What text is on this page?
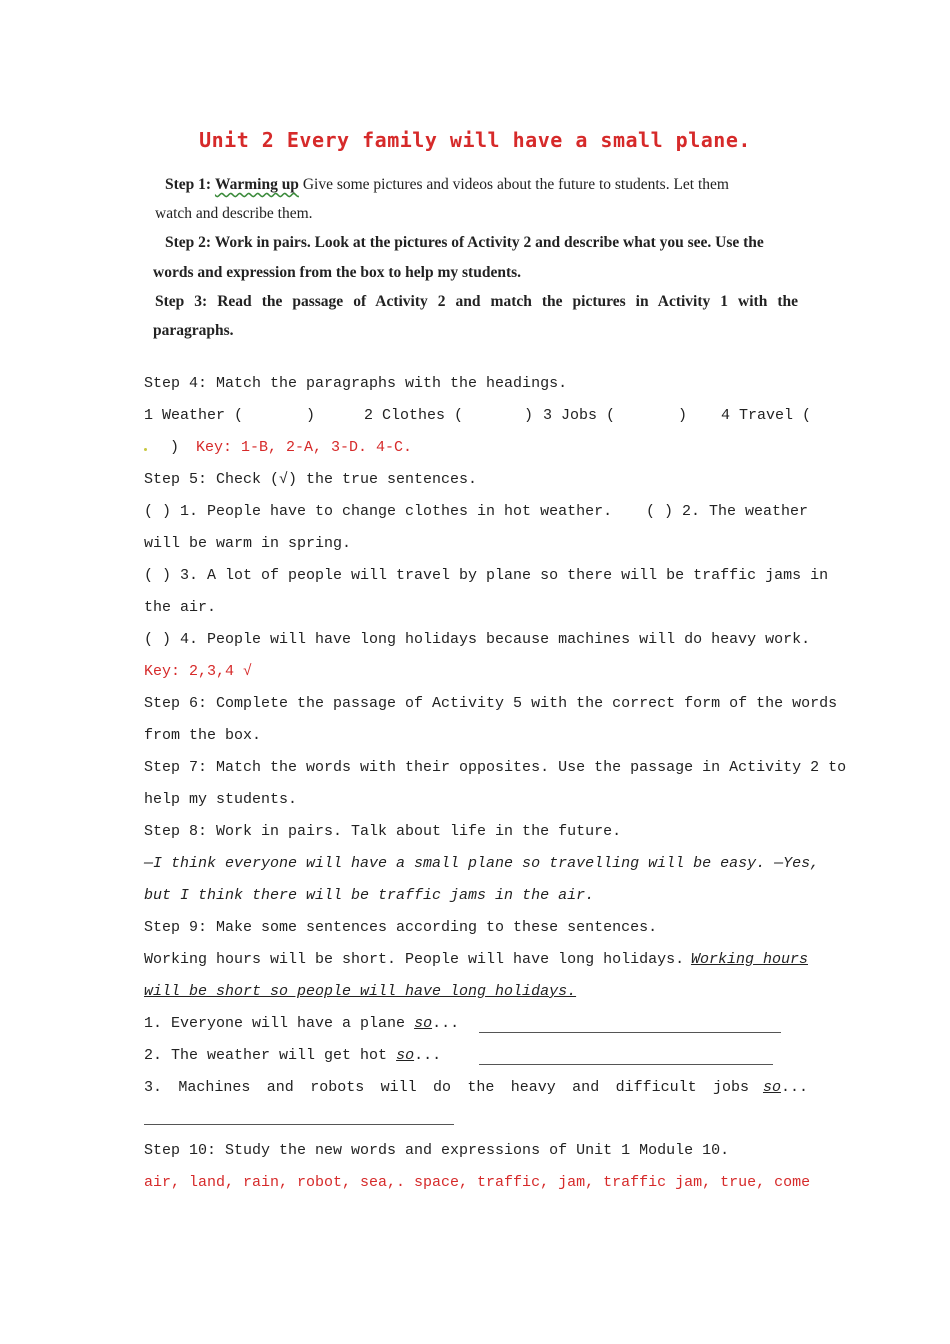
Unit 2 Every family will have a small plane.
Step 1: Warming up Give some pictures and videos about the future to students. Let them
watch and describe them.
Step 2: Work in pairs. Look at the pictures of Activity 2 and describe what you see. Use the
words and expression from the box to help my students.
Step 3: Read the passage of Activity 2 and match the pictures in Activity 1 with the
paragraphs.
Step 4: Match the paragraphs with the headings.
1 Weather (	)	2 Clothes (	) 3 Jobs (	) 4 Travel (
) Key: 1-B, 2-A, 3-D. 4-C.
Step 5: Check (√) the true sentences.
( ) 1. People have to change clothes in hot weather. ( ) 2. The weather
will be warm in spring.
( ) 3. A lot of people will travel by plane so there will be traffic jams in
the air.
( ) 4. People will have long holidays because machines will do heavy work.
Key: 2,3,4 √
Step 6: Complete the passage of Activity 5 with the correct form of the words
from the box.
Step 7: Match the words with their opposites. Use the passage in Activity 2 to
help my students.
Step 8: Work in pairs. Talk about life in the future.
—I think everyone will have a small plane so travelling will be easy. —Yes,
but I think there will be traffic jams in the air.
Step 9: Make some sentences according to these sentences.
Working hours will be short. People will have long holidays. Working hours
will be short so people will have long holidays.
1. Everyone will have a plane so...
2. The weather will get hot so...
3. Machines and robots will do the heavy and difficult jobs so...
Step 10: Study the new words and expressions of Unit 1 Module 10.
air, land, rain, robot, sea,. space, traffic, jam, traffic jam, true, come
